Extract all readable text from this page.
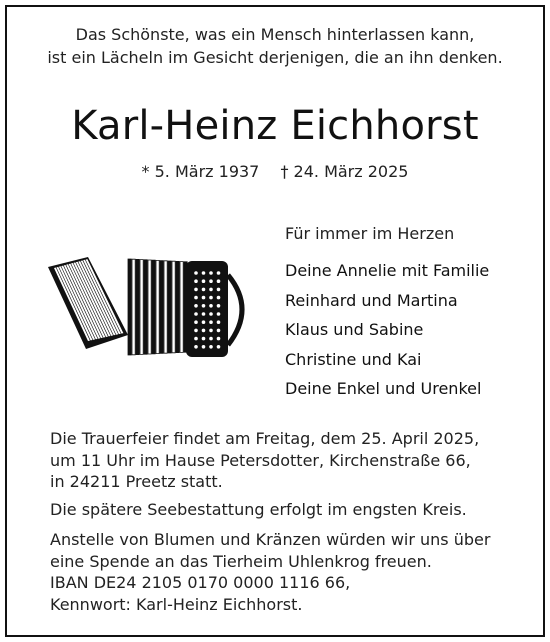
Das Schönste, was ein Mensch hinterlassen kann,
ist ein Lächeln im Gesicht derjenigen, die an ihn denken.
Karl-Heinz Eichhorst
* 5. März 1937 † 24. März 2025
Für immer im Herzen
Deine Annelie mit Familie
Reinhard und Martina
Klaus und Sabine
Christine und Kai
Deine Enkel und Urenkel

Die Trauerfeier findet am Freitag, dem 25. April 2025,

um 11 Uhr im Hause Petersdotter, Kirchenstraße 66,

in 24211 Preetz statt.

Die spätere Seebestattung erfolgt im engsten Kreis.

Anstelle von Blumen und Kränzen würden wir uns über

eine Spende an das Tierheim Uhlenkrog freuen.

IBAN DE24 2105 0170 0000 1116 66,

Kennwort: Karl-Heinz Eichhorst.
